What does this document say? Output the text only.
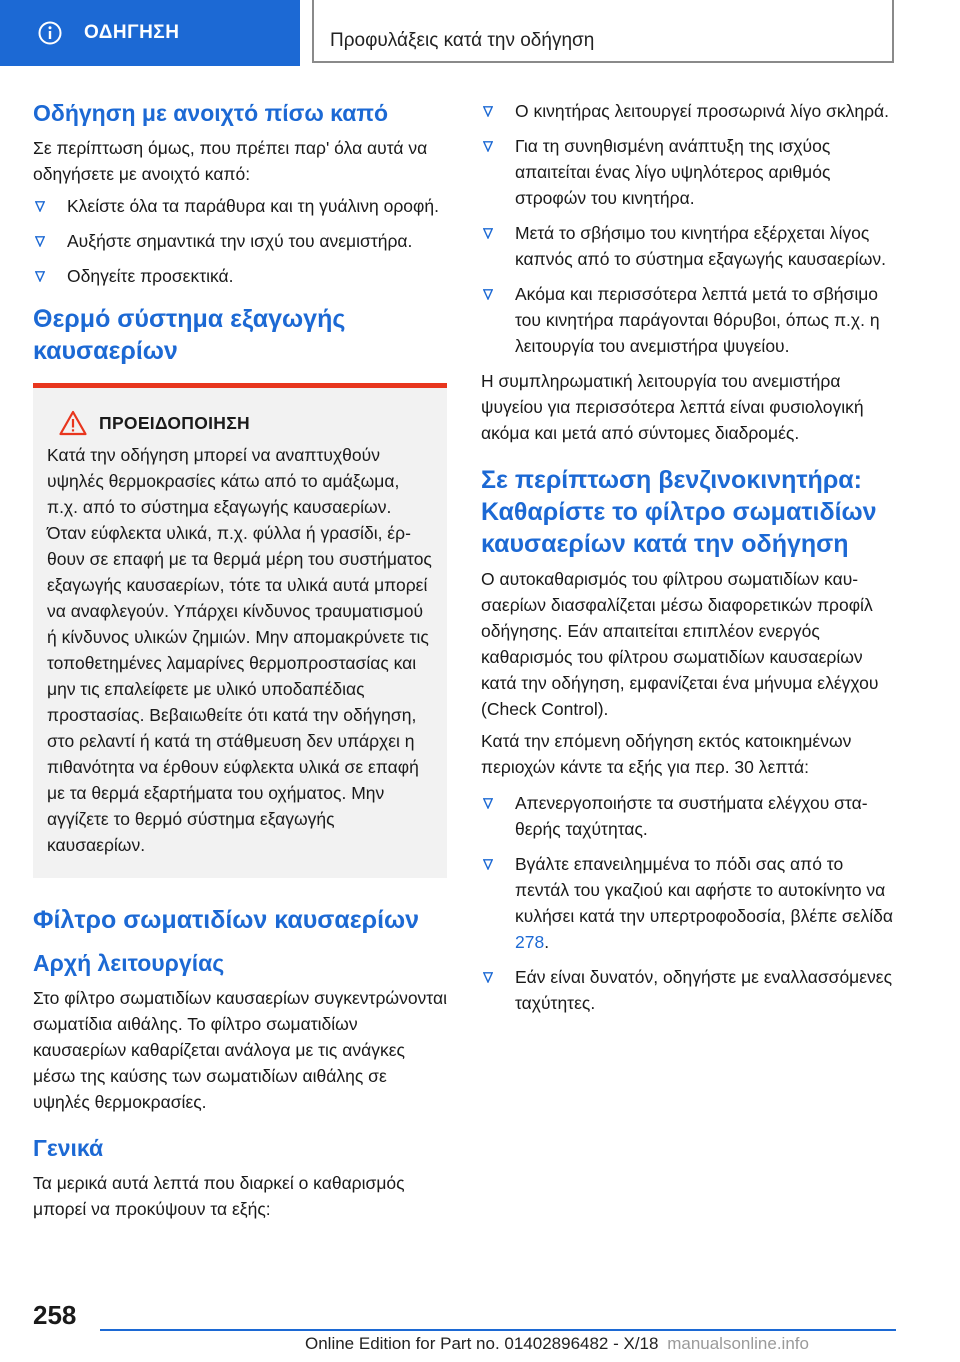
ΟΔΗΓΗΣΗ	Προφυλάξεις κατά την οδήγηση
Οδήγηση με ανοιχτό πίσω καπό

Σε περίπτωση όμως, που πρέπει παρ' όλα αυτά να οδηγήσετε με ανοιχτό καπό:

Κλείστε όλα τα παράθυρα και τη γυάλινη οροφή.
Αυξήστε σημαντικά την ισχύ του ανεμιστήρα.
Οδηγείτε προσεκτικά.
Θερμό σύστημα εξαγωγής καυσαερίων
ΠΡΟΕΙΔΟΠΟΙΗΣΗ

Κατά την οδήγηση μπορεί να αναπτυχθούν υψηλές θερμοκρασίες κάτω από το αμάξωμα, π.χ. από το σύστημα εξαγωγής καυσαερίων. Όταν εύφλεκτα υλικά, π.χ. φύλλα ή γρασίδι, έρθουν σε επαφή με τα θερμά μέρη του συστήματος εξαγωγής καυσαερίων, τότε τα υλικά αυτά μπορεί να αναφλεγούν. Υπάρχει κίνδυνος τραυματισμού ή κίνδυνος υλικών ζημιών. Μην απομακρύνετε τις τοποθετημένες λαμαρίνες θερμοπροστασίας και μην τις επαλείφετε με υλικό υποδαπέδιας προστασίας. Βεβαιωθείτε ότι κατά την οδήγηση, στο ρελαντί ή κατά τη στάθμευση δεν υπάρχει η πιθανότητα να έρθουν εύφλεκτα υλικά σε επαφή με τα θερμά εξαρτήματα του οχήματος. Μην αγγίζετε το θερμό σύστημα εξαγωγής καυσαερίων.

Φίλτρο σωματιδίων καυσαερίων
Αρχή λειτουργίας

Στο φίλτρο σωματιδίων καυσαερίων συγκεντρώνονται σωματίδια αιθάλης. Το φίλτρο σωματιδίων καυσαερίων καθαρίζεται ανάλογα με τις ανάγκες μέσω της καύσης των σωματιδίων αιθάλης σε υψηλές θερμοκρασίες.

Γενικά

Τα μερικά αυτά λεπτά που διαρκεί ο καθαρισμός μπορεί να προκύψουν τα εξής:

Ο κινητήρας λειτουργεί προσωρινά λίγο σκληρά.
Για τη συνηθισμένη ανάπτυξη της ισχύος απαιτείται ένας λίγο υψηλότερος αριθμός στροφών του κινητήρα.
Μετά το σβήσιμο του κινητήρα εξέρχεται λίγος καπνός από το σύστημα εξαγωγής καυσαερίων.
Ακόμα και περισσότερα λεπτά μετά το σβήσιμο του κινητήρα παράγονται θόρυβοι, όπως π.χ. η λειτουργία του ανεμιστήρα ψυγείου.

Η συμπληρωματική λειτουργία του ανεμιστήρα ψυγείου για περισσότερα λεπτά είναι φυσιολογική ακόμα και μετά από σύντομες διαδρομές.

Σε περίπτωση βενζινοκινητήρα: Καθαρίστε το φίλτρο σωματιδίων καυσαερίων κατά την οδήγηση

Ο αυτοκαθαρισμός του φίλτρου σωματιδίων καυσαερίων διασφαλίζεται μέσω διαφορετικών προφίλ οδήγησης. Εάν απαιτείται επιπλέον ενεργός καθαρισμός του φίλτρου σωματιδίων καυσαερίων κατά την οδήγηση, εμφανίζεται ένα μήνυμα ελέγχου (Check Control).

Κατά την επόμενη οδήγηση εκτός κατοικημένων περιοχών κάντε τα εξής για περ. 30 λεπτά:

Απενεργοποιήστε τα συστήματα ελέγχου σταθερής ταχύτητας.
Βγάλτε επανειλημμένα το πόδι σας από το πεντάλ του γκαζιού και αφήστε το αυτοκίνητο να κυλήσει κατά την υπερτροφοδοσία, βλέπε σελίδα 278.
Εάν είναι δυνατόν, οδηγήστε με εναλλασσόμενες ταχύτητες.
258
Online Edition for Part no. 01402896482 - X/18 manualsonline.info
